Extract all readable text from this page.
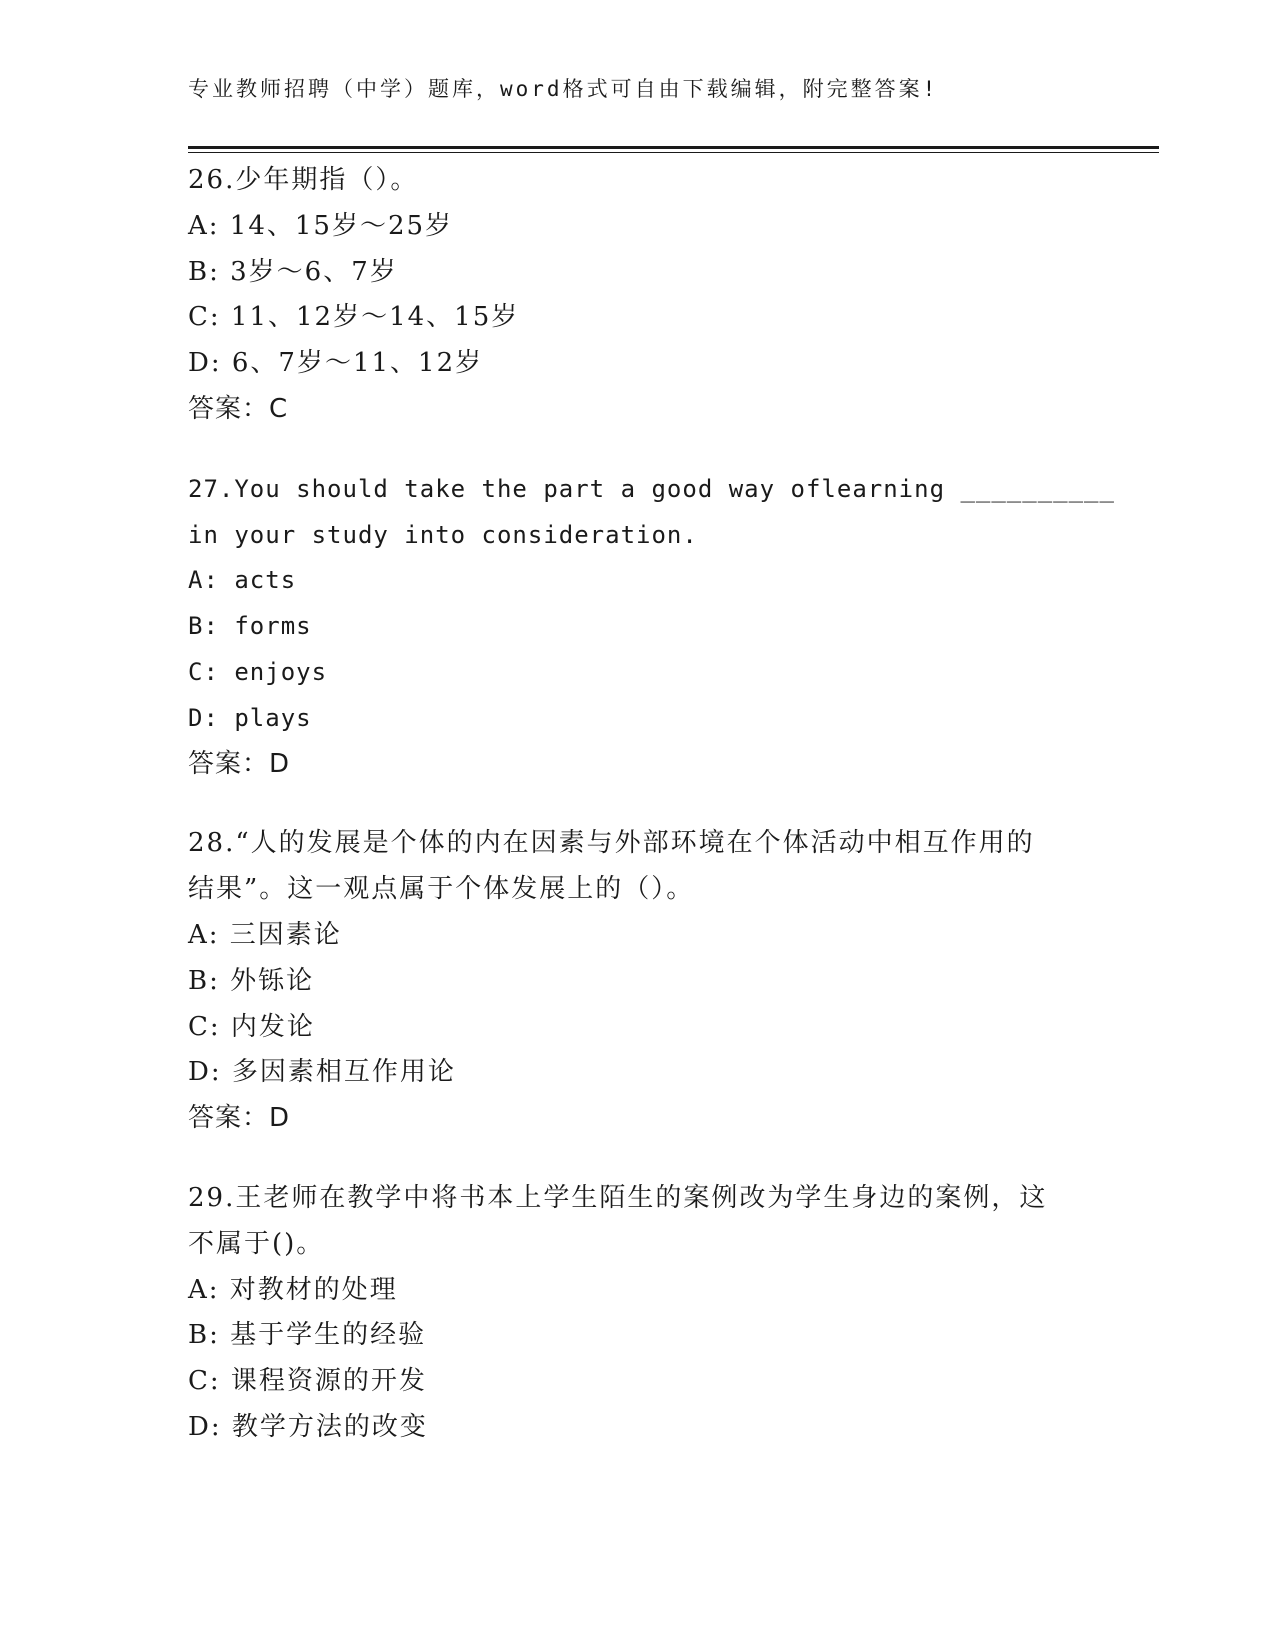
专业教师招聘（中学）题库，word格式可自由下载编辑，附完整答案!
26.少年期指（）。
A: 14、15岁～25岁
B: 3岁～6、7岁
C: 11、12岁～14、15岁
D: 6、7岁～11、12岁
答案：C
27.You should take the part a good way oflearning __________
in your study into consideration.
A: acts
B: forms
C: enjoys
D: plays
答案：D
28.“人的发展是个体的内在因素与外部环境在个体活动中相互作用的
结果”。这一观点属于个体发展上的（）。
A: 三因素论
B: 外铄论
C: 内发论
D: 多因素相互作用论
答案：D
29.王老师在教学中将书本上学生陌生的案例改为学生身边的案例，这
不属于()。
A: 对教材的处理
B: 基于学生的经验
C: 课程资源的开发
D: 教学方法的改变
